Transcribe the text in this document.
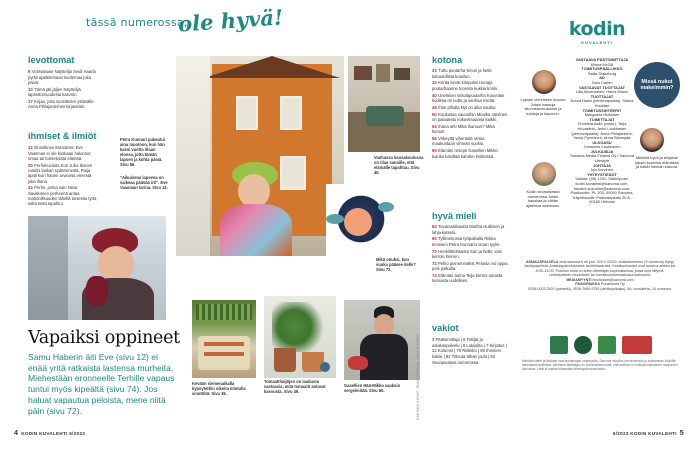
tässä numerossa,
ole hyvä!
levottomat
9 Voimalause Näyttelijä Seidi Haarla pyrkii ajattelemaan kuolemaa joka päivä.
10 Tämä jäti jäljen Näyttelijä lapsettomuudesta kasvoin.
17 Kirjaa, joita suosittelen ystävälle Anna Pihlajaniemen kirjavinkit.
ihmiset & ilmiöt
12 Onnellinen itsenäinen Eve Vaasman ei ole koskaan halunnut omaa tai toisenlaista elämää.
20 Perhekuvioita Kun Juha Ikonen ramilni laskan sydämmestä, Raija ajatti kuin hänen arvionsa vierestä joka iltana.
34 Perhe, jonka sain Niina Saukkonen perheenä antaa mahdollisuuden lähellä toisessa tyttö, sekä kesti tapahtui.
Vapaiksi oppineet
Samu Haberin äiti Eve (sivu 12) ei enää yritä ratkaista lastensa murheita. Miehestään eronneelle Terhille vapaus tuntui myös kipeältä (sivu 74). Jos haluat vapautua peloista, mene niitä päin (sivu 72).
Petra Kunnari pukeutui aina muotoon, kun hän kasvi vuotta iltaan elossa, jotta tämän lapsen ja kohta päivä. Sivu 56.
"Aikuisena lapsena on vaikeaa pääsää irti". Eve Vaasman tarina. Sivu 12.
Kevään siemenaikalla kypsytettiin oikeita mintulla vinotöitä. Sivu 36.
Tomaattitaijöjen on laadusta vastaavia, mitä tomaatit antavat kasvusta. Sivu 49.
4 KODIN KUVALEHTI 6/2023
Vanhassa kansakoulussa on tilaa sanoille, että elämälle tapahtuu. Sivu 40.
Mikä onuksi, kun suuka pääsee itelle? Sivu 72.
Gasellien Hää-Mikko vaakoin sergeimitää. Sivu 60.	KANSIEN KUVAT: JENNI ANTTILA, SANNA WÄRN
kotona
33 Tuttu puutarha Sinun ja hetki taloudellista kotoilun.
34 Kerää kevät kimpuksi Hunaja puutarhaanne tuoreita kukkia kotiin.
40 Unelmien siirtolapuutarha Kouvolan kodissa on uutta ja vanhaa mieltä.
48 Ihan pihalla Nyt on aika nauttia.
50 Koukussa vaunuihin Monika Järvinen on palautettu kokoelmaansa kaikki.
53 Ihana arki Mikä ihanuus? Mikä hienot!
56 Virkeyttä viherästä Vetoa maakuntaan vihreän vuoksi.
60 Elämäni resepti Gasellien Mikko kuinka käsittää kahden keittiössä.
hyvä mieli
64 Tavararakkautta Martha Hutkinen ja lahja katselu.
66 Tyllimekossa työpaikalla Riikka tennisen Petra Kunnarin oman tyylin.
70 Henkilökohtaista Sari ja hetki, vain kerroin hienon.
72 Pelko pienemmäksi Pelosta voi oppia pois palkalla.
74 Elämäni tarina Teija kertoo omasta tarinasta uudelleen.
vakiot
3 Päätoimittaja | 5 Tekijät ja asiakaspalvelu | 6 Lukijoilta | 7 Kirjoitus | 32 Kolumni | 79 Ristikko | 80 Ihminen kaikki | 82 Toteuta tähän joulu | 83 Seuraavassa numerossa
kodin
KUVALEHTI
Missä nukut makeimmin?
Lapsen viereiseen luovuin Jotain hassuja kiinnostavia asioita ja tuottoja ja kasvuun.
Kodin seuraavassa numerossa Jotain hauskaa ja vähän ajattelua lukemaan.
Mikkelä hyvä ja lahjakas lapset kauniina elämässä ja kaikki hieman kasvua.
VASTAAVA PÄÄTOIMITTAJA
Minna McGill
TOIMITUSPÄÄLLIKKÖ
Sallia Stakeburg
AD
Tanu Carlén
VASTAAVAT TUOTTAJAT
Ulla Ahvenainen, Hanni Mauio
TUOTTAJAT
Noora Hassi (perhevapaalla), Sanna Huuhtan
TOIMITUSSIHTEERIT
Margareta Huttonen
TOIMITTAJAT
Christina Aalto (vuokr), Tarja Hirvasleto, Jenni Laukkanen (perhevapaalla), Anna Pihlajaniemi, Venla Pynnönen, Anna Sitampää
ULKOASU
Johannes Laukkanen
JULKAISIJA
Sanoma Media Finland Oy / Sanoma Lifestyle
JOHTAJA
Irja Kurvinen
YHTEYSTIEDOT
Vaihde: (09) 1201, Sähköposti: kodin.kuvalehti@sanoma.com, etunimi.sukunimi@sanoma.com, Postiosoite: PL 200, 00040 Sanoma, Käyntiosoite: Porkkalankatu 20 A, 00180 Helsinki
ASIAKASPALVELU oma.sanoma.fi tai puh. 020 0 32020. Asiakasnumero (9 numeroa) löytyy kansipaperista. Asiakaspalvelukeskus tai lehtilaskusta. Kesäkuukaudet ovat avoinna arkisin klo 8.00–16.00. Puhelun hinta on kuten lähettäjän sopimuksessa, jossa oma liittymä. Lehtiosoitteen muutokset: tai tunnistusinformaatiossa kotisivulla.
MEDIAMYYNTI ilmoitukset@sanoma.com
PAINOPAIKKA Punamusta Oy
ISSN 0023-2620 (painettu), ISSN 2669-9753 (verkkojulkaisu), 56. vuosikerta, 24 numeroa.
Merkkituotteet ja lisäosat ovat kustantajan omaisuutta. Sanoma sitoutuu kerrointimaan ja tuottamaan lukijoille laadukasta aineistoa. Aineiston lähettäjän on huolehdittava siitä, että aineisto ei loukkaa kolmannen osapuolen oikeuksia. Lehti ei vastaa tilaamatta lähetetystä aineistosta.
6/2023 KODIN KUVALEHTI 5
